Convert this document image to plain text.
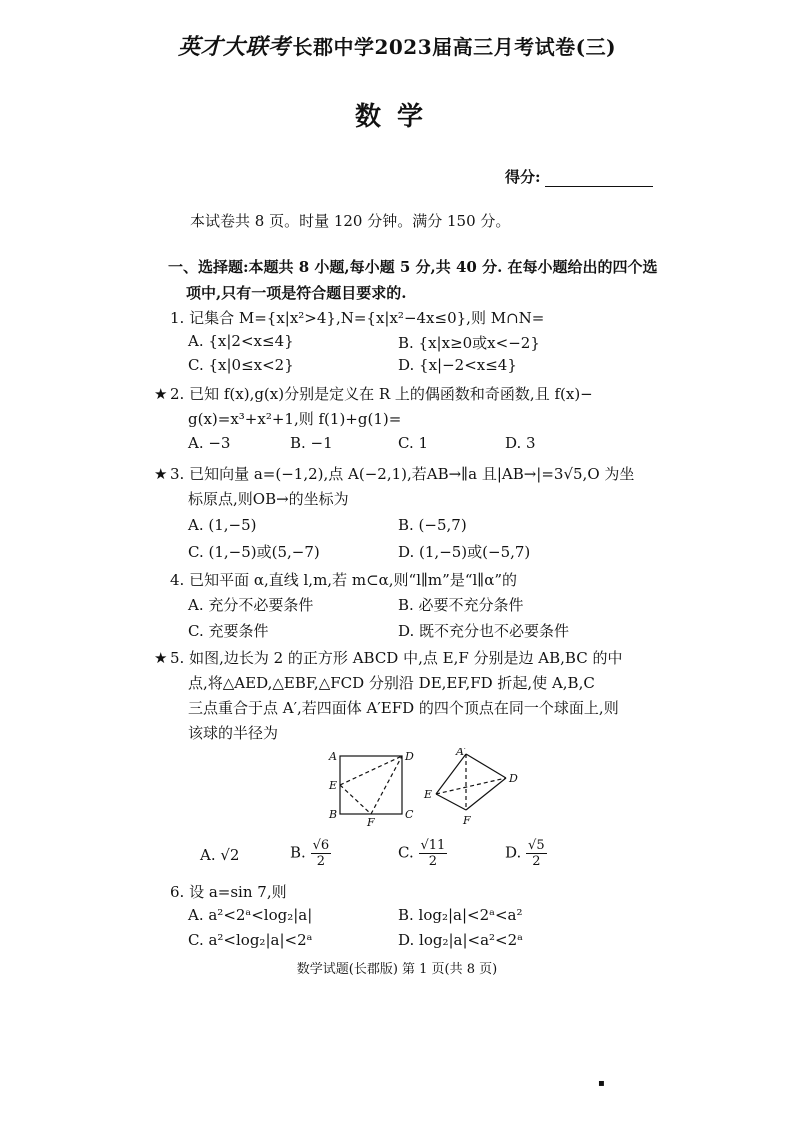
英才大联考 长郡中学2023届高三月考试卷(三)
数学
得分:
本试卷共 8 页。时量 120 分钟。满分 150 分。
一、选择题:本题共 8 小题,每小题 5 分,共 40 分. 在每小题给出的四个选
项中,只有一项是符合题目要求的.
1. 记集合 M={x|x²>4},N={x|x²−4x≤0},则 M∩N=
A. {x|2<x≤4}	B. {x|x≥0或x<−2}
C. {x|0≤x<2}	D. {x|−2<x≤4}
★ 2. 已知 f(x),g(x)分别是定义在 R 上的偶函数和奇函数,且 f(x)−
g(x)=x³+x²+1,则 f(1)+g(1)=
A. −3	B. −1	C. 1	D. 3
★ 3. 已知向量 a=(−1,2),点 A(−2,1),若AB→∥a 且|AB→|=3√5,O 为坐
标原点,则OB→的坐标为
A. (1,−5)	B. (−5,7)
C. (1,−5)或(5,−7)	D. (1,−5)或(−5,7)
4. 已知平面 α,直线 l,m,若 m⊂α,则“l∥m”是“l∥α”的
A. 充分不必要条件	B. 必要不充分条件
C. 充要条件	D. 既不充分也不必要条件
★ 5. 如图,边长为 2 的正方形 ABCD 中,点 E,F 分别是边 AB,BC 的中
点,将△AED,△EBF,△FCD 分别沿 DE,EF,FD 折起,使 A,B,C
三点重合于点 A′,若四面体 A′EFD 的四个顶点在同一个球面上,则
该球的半径为
A	D
E
B
F
C
A′
D
E
F
A. √2	B. $\frac{√6}{2}$	C. $\frac{√11}{2}$	D. $\frac{√5}{2}$
6. 设 a=sin 7,则
A. a²<2ᵃ<log₂|a|	B. log₂|a|<2ᵃ<a²
C. a²<log₂|a|<2ᵃ	D. log₂|a|<a²<2ᵃ
数学试题(长郡版) 第 1 页(共 8 页)
▪
